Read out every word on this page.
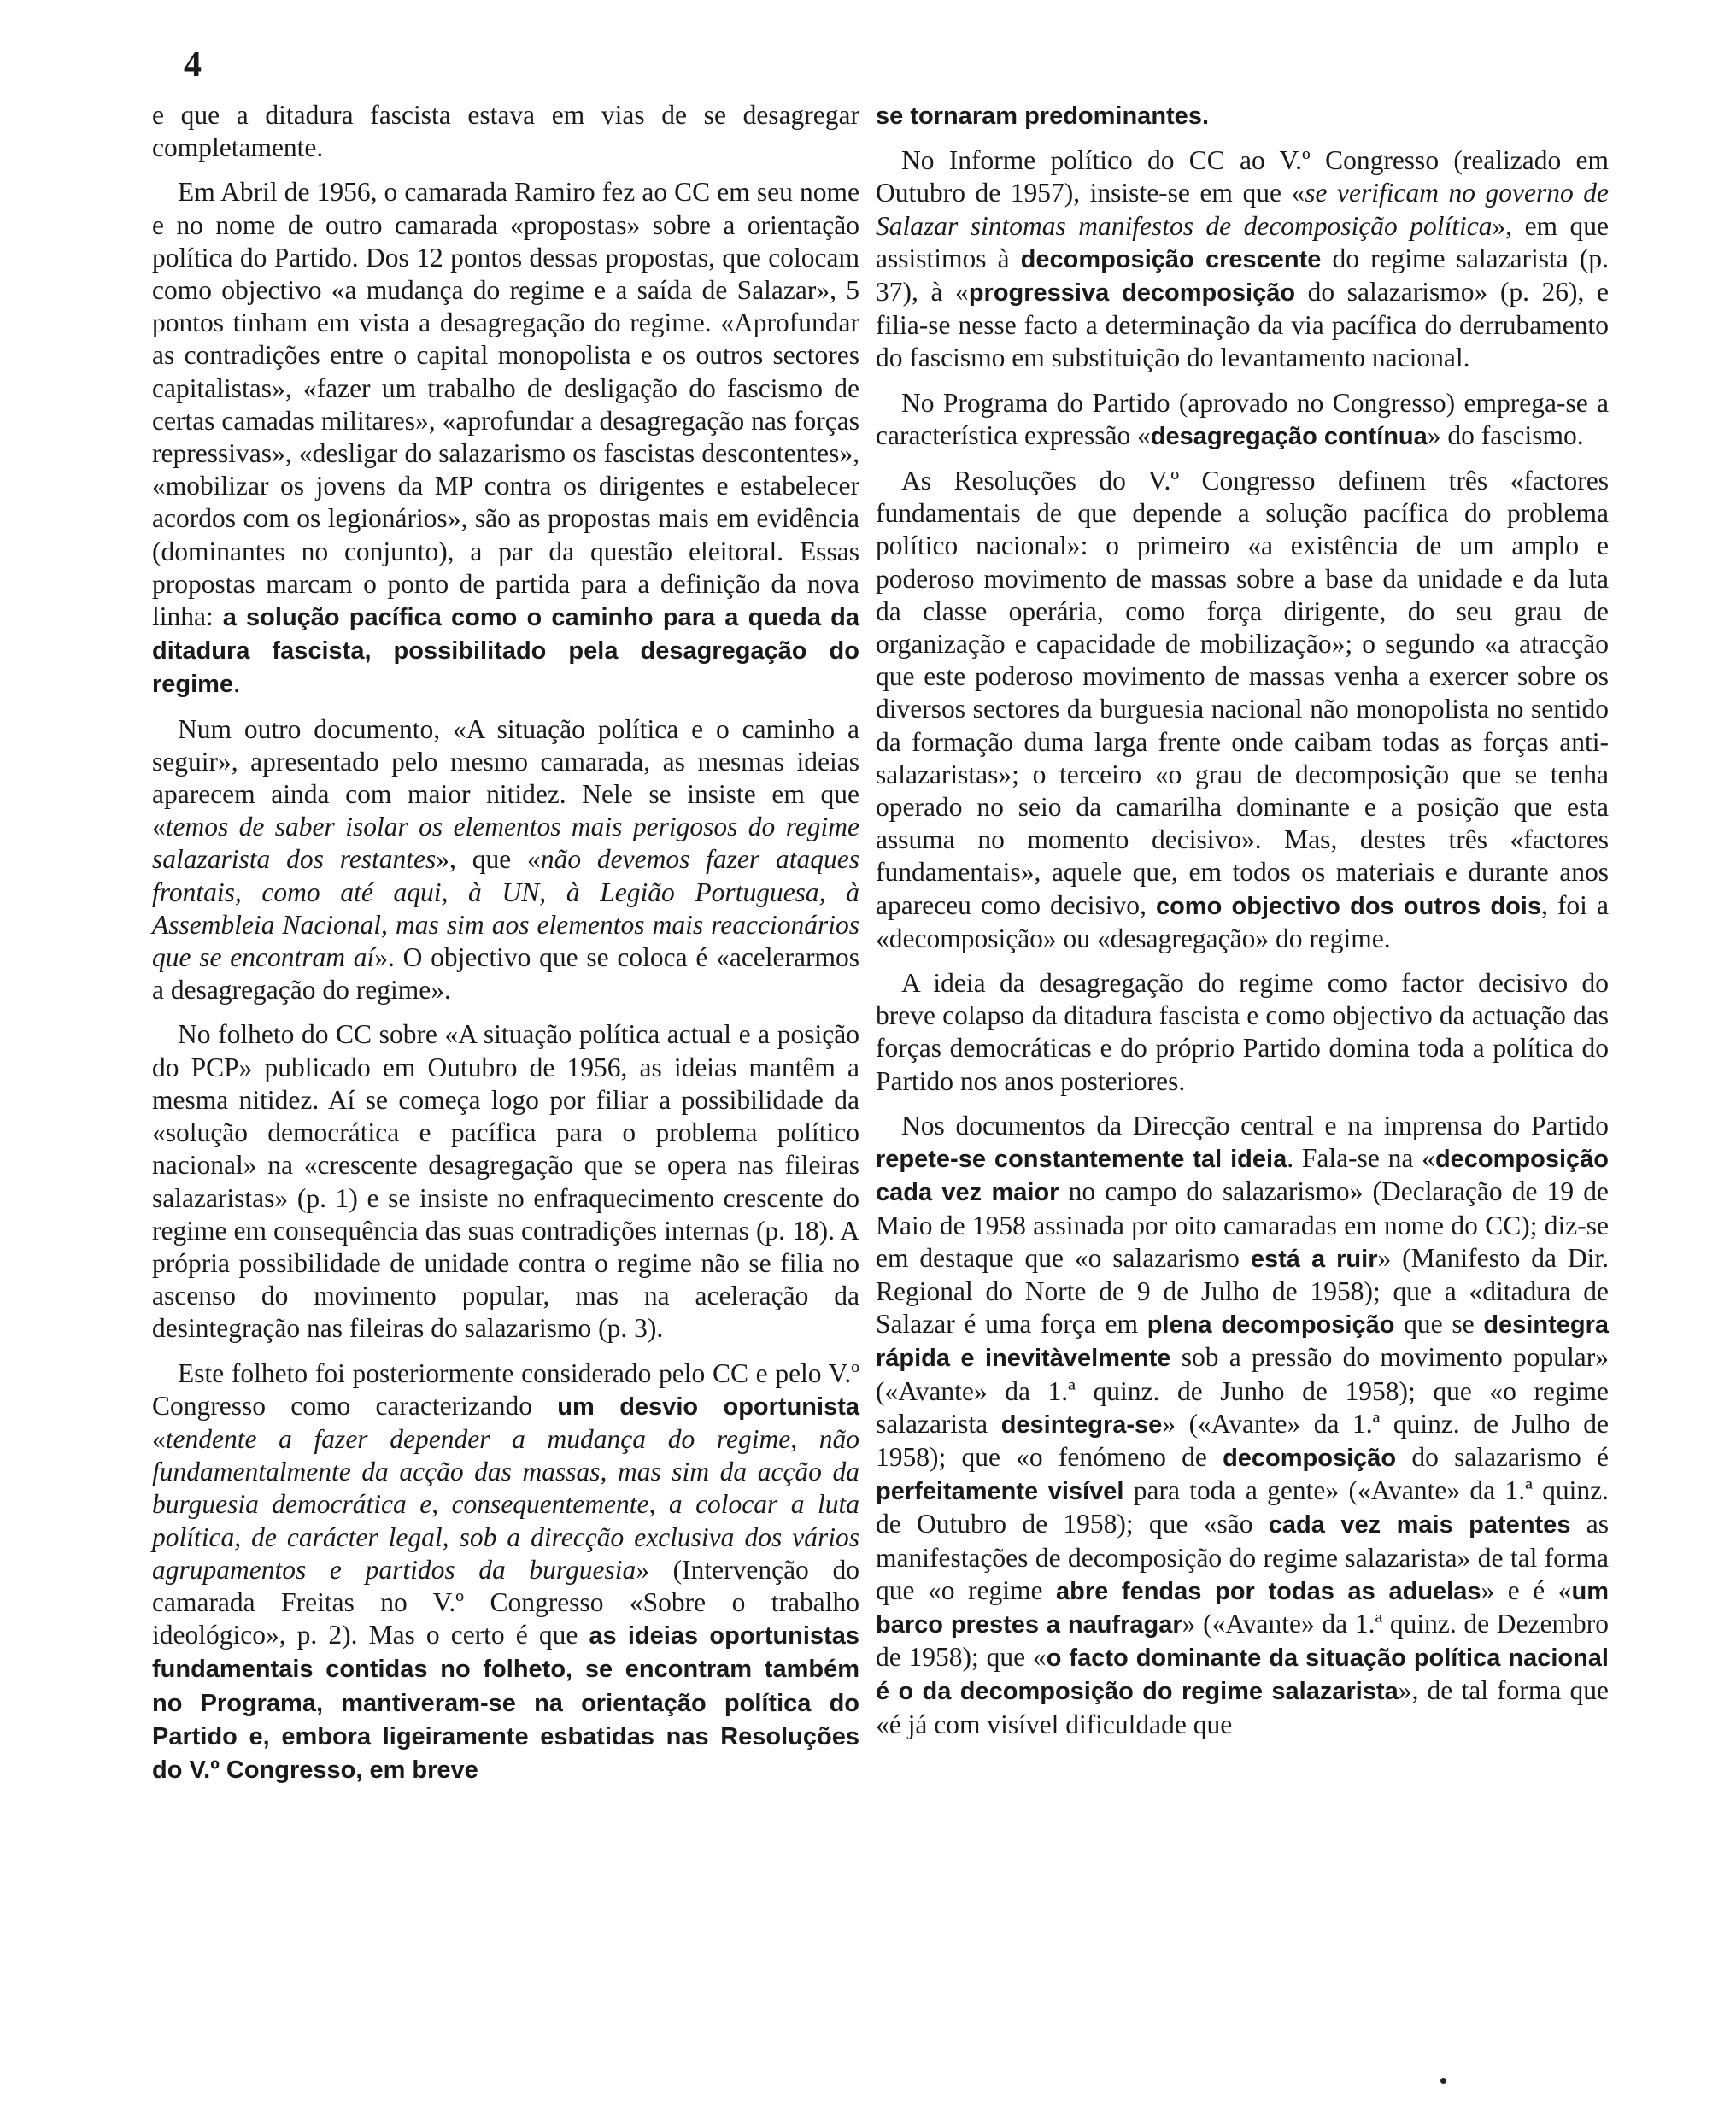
4

e que a ditadura fascista estava em vias de se desagregar completamente.

Em Abril de 1956, o camarada Ramiro fez ao CC em seu nome e no nome de outro camarada «propostas» sobre a orientação política do Partido. Dos 12 pontos dessas propostas, que colocam como objectivo «a mudança do regime e a saída de Salazar», 5 pontos tinham em vista a desagregação do regime. «Aprofundar as contradições entre o capital monopolista e os outros sectores capitalistas», «fazer um trabalho de desligação do fascismo de certas camadas militares», «aprofundar a desagregação nas forças repressivas», «desligar do salazarismo os fascistas descontentes», «mobilizar os jovens da MP contra os dirigentes e estabelecer acordos com os legionários», são as propostas mais em evidência (dominantes no conjunto), a par da questão eleitoral. Essas propostas marcam o ponto de partida para a definição da nova linha: a solução pacífica como o caminho para a queda da ditadura fascista, possibilitado pela desagregação do regime.

Num outro documento, «A situação política e o caminho a seguir», apresentado pelo mesmo camarada, as mesmas ideias aparecem ainda com maior nitidez. Nele se insiste em que «temos de saber isolar os elementos mais perigosos do regime salazarista dos restantes», que «não devemos fazer ataques frontais, como até aqui, à UN, à Legião Portuguesa, à Assembleia Nacional, mas sim aos elementos mais reaccionários que se encontram aí». O objectivo que se coloca é «acelerarmos a desagregação do regime».

No folheto do CC sobre «A situação política actual e a posição do PCP» publicado em Outubro de 1956, as ideias mantêm a mesma nitidez. Aí se começa logo por filiar a possibilidade da «solução democrática e pacífica para o problema político nacional» na «crescente desagregação que se opera nas fileiras salazaristas» (p. 1) e se insiste no enfraquecimento crescente do regime em consequência das suas contradições internas (p. 18). A própria possibilidade de unidade contra o regime não se filia no ascenso do movimento popular, mas na aceleração da desintegração nas fileiras do salazarismo (p. 3).

Este folheto foi posteriormente considerado pelo CC e pelo V.º Congresso como caracterizando um desvio oportunista «tendente a fazer depender a mudança do regime, não fundamentalmente da acção das massas, mas sim da acção da burguesia democrática e, consequentemente, a colocar a luta política, de carácter legal, sob a direcção exclusiva dos vários agrupamentos e partidos da burguesia» (Intervenção do camarada Freitas no V.º Congresso «Sobre o trabalho ideológico», p. 2). Mas o certo é que as ideias oportunistas fundamentais contidas no folheto, se encontram também no Programa, mantiveram-se na orientação política do Partido e, embora ligeiramente esbatidas nas Resoluções do V.º Congresso, em breve

se tornaram predominantes.

No Informe político do CC ao V.º Congresso (realizado em Outubro de 1957), insiste-se em que «se verificam no governo de Salazar sintomas manifestos de decomposição política», em que assistimos à decomposição crescente do regime salazarista (p. 37), à «progressiva decomposição do salazarismo» (p. 26), e filia-se nesse facto a determinação da via pacífica do derrubamento do fascismo em substituição do levantamento nacional.

No Programa do Partido (aprovado no Congresso) emprega-se a característica expressão «desagregação contínua» do fascismo.

As Resoluções do V.º Congresso definem três «factores fundamentais de que depende a solução pacífica do problema político nacional»: o primeiro «a existência de um amplo e poderoso movimento de massas sobre a base da unidade e da luta da classe operária, como força dirigente, do seu grau de organização e capacidade de mobilização»; o segundo «a atracção que este poderoso movimento de massas venha a exercer sobre os diversos sectores da burguesia nacional não monopolista no sentido da formação duma larga frente onde caibam todas as forças anti-salazaristas»; o terceiro «o grau de decomposição que se tenha operado no seio da camarilha dominante e a posição que esta assuma no momento decisivo». Mas, destes três «factores fundamentais», aquele que, em todos os materiais e durante anos apareceu como decisivo, como objectivo dos outros dois, foi a «decomposição» ou «desagregação» do regime.

A ideia da desagregação do regime como factor decisivo do breve colapso da ditadura fascista e como objectivo da actuação das forças democráticas e do próprio Partido domina toda a política do Partido nos anos posteriores.

Nos documentos da Direcção central e na imprensa do Partido repete-se constantemente tal ideia. Fala-se na «decomposição cada vez maior no campo do salazarismo» (Declaração de 19 de Maio de 1958 assinada por oito camaradas em nome do CC); diz-se em destaque que «o salazarismo está a ruir» (Manifesto da Dir. Regional do Norte de 9 de Julho de 1958); que a «ditadura de Salazar é uma força em plena decomposição que se desintegra rápida e inevitàvelmente sob a pressão do movimento popular» («Avante» da 1.ª quinz. de Junho de 1958); que «o regime salazarista desintegra-se» («Avante» da 1.ª quinz. de Julho de 1958); que «o fenómeno de decomposição do salazarismo é perfeitamente visível para toda a gente» («Avante» da 1.ª quinz. de Outubro de 1958); que «são cada vez mais patentes as manifestações de decomposição do regime salazarista» de tal forma que «o regime abre fendas por todas as aduelas» e é «um barco prestes a naufragar» («Avante» da 1.ª quinz. de Dezembro de 1958); que «o facto dominante da situação política nacional é o da decomposição do regime salazarista», de tal forma que «é já com visível dificuldade que
